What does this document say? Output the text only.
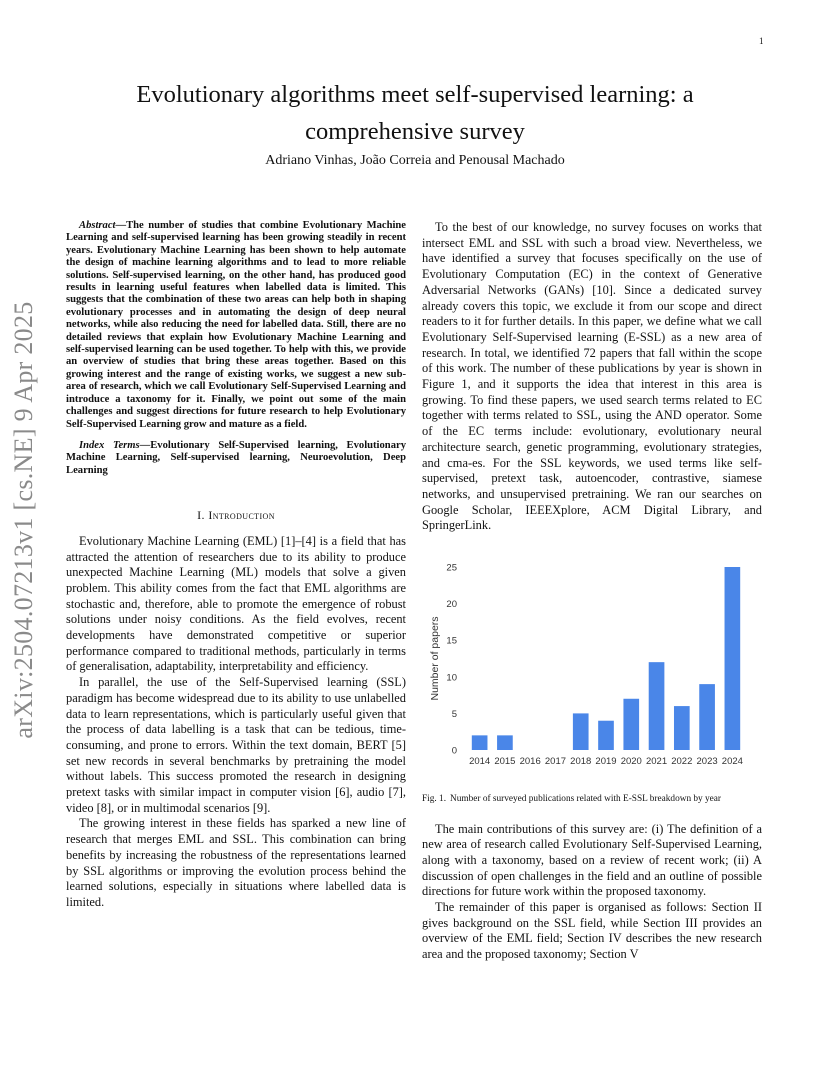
1
arXiv:2504.07213v1 [cs.NE] 9 Apr 2025
Evolutionary algorithms meet self-supervised learning: a comprehensive survey
Adriano Vinhas, João Correia and Penousal Machado

Abstract—The number of studies that combine Evolutionary Machine Learning and self-supervised learning has been growing steadily in recent years. Evolutionary Machine Learning has been shown to help automate the design of machine learning algorithms and to lead to more reliable solutions. Self-supervised learning, on the other hand, has produced good results in learning useful features when labelled data is limited. This suggests that the combination of these two areas can help both in shaping evolutionary processes and in automating the design of deep neural networks, while also reducing the need for labelled data. Still, there are no detailed reviews that explain how Evolutionary Machine Learning and self-supervised learning can be used together. To help with this, we provide an overview of studies that bring these areas together. Based on this growing interest and the range of existing works, we suggest a new sub-area of research, which we call Evolutionary Self-Supervised Learning and introduce a taxonomy for it. Finally, we point out some of the main challenges and suggest directions for future research to help Evolutionary Self-Supervised Learning grow and mature as a field.

Index Terms—Evolutionary Self-Supervised learning, Evolutionary Machine Learning, Self-supervised learning, Neuroevolution, Deep Learning

I. Introduction

Evolutionary Machine Learning (EML) [1]–[4] is a field that has attracted the attention of researchers due to its ability to produce unexpected Machine Learning (ML) models that solve a given problem. This ability comes from the fact that EML algorithms are stochastic and, therefore, able to promote the emergence of robust solutions under noisy conditions. As the field evolves, recent developments have demonstrated competitive or superior performance compared to traditional methods, particularly in terms of generalisation, adaptability, interpretability and efficiency.

In parallel, the use of the Self-Supervised learning (SSL) paradigm has become widespread due to its ability to use unlabelled data to learn representations, which is particularly useful given that the process of data labelling is a task that can be tedious, time-consuming, and prone to errors. Within the text domain, BERT [5] set new records in several benchmarks by pretraining the model without labels. This success promoted the research in designing pretext tasks with similar impact in computer vision [6], audio [7], video [8], or in multimodal scenarios [9].

The growing interest in these fields has sparked a new line of research that merges EML and SSL. This combination can bring benefits by increasing the robustness of the representations learned by SSL algorithms or improving the evolution process behind the learned solutions, especially in situations where labelled data is limited.

To the best of our knowledge, no survey focuses on works that intersect EML and SSL with such a broad view. Nevertheless, we have identified a survey that focuses specifically on the use of Evolutionary Computation (EC) in the context of Generative Adversarial Networks (GANs) [10]. Since a dedicated survey already covers this topic, we exclude it from our scope and direct readers to it for further details. In this paper, we define what we call Evolutionary Self-Supervised learning (E-SSL) as a new area of research. In total, we identified 72 papers that fall within the scope of this work. The number of these publications by year is shown in Figure 1, and it supports the idea that interest in this area is growing. To find these papers, we used search terms related to EC together with terms related to SSL, using the AND operator. Some of the EC terms include: evolutionary, evolutionary neural architecture search, genetic programming, evolutionary strategies, and cma-es. For the SSL keywords, we used terms like self-supervised, pretext task, autoencoder, contrastive, siamese networks, and unsupervised pretraining. We ran our searches on Google Scholar, IEEEXplore, ACM Digital Library, and SpringerLink.

0
5
10
15
20
25
2014 2015 2016 2017 2018 2019 2020 2021 2022 2023 2024
Number of papers
Fig. 1. Number of surveyed publications related with E-SSL breakdown by year

The main contributions of this survey are: (i) The definition of a new area of research called Evolutionary Self-Supervised Learning, along with a taxonomy, based on a review of recent work; (ii) A discussion of open challenges in the field and an outline of possible directions for future work within the proposed taxonomy.

The remainder of this paper is organised as follows: Section II gives background on the SSL field, while Section III provides an overview of the EML field; Section IV describes the new research area and the proposed taxonomy; Section V
